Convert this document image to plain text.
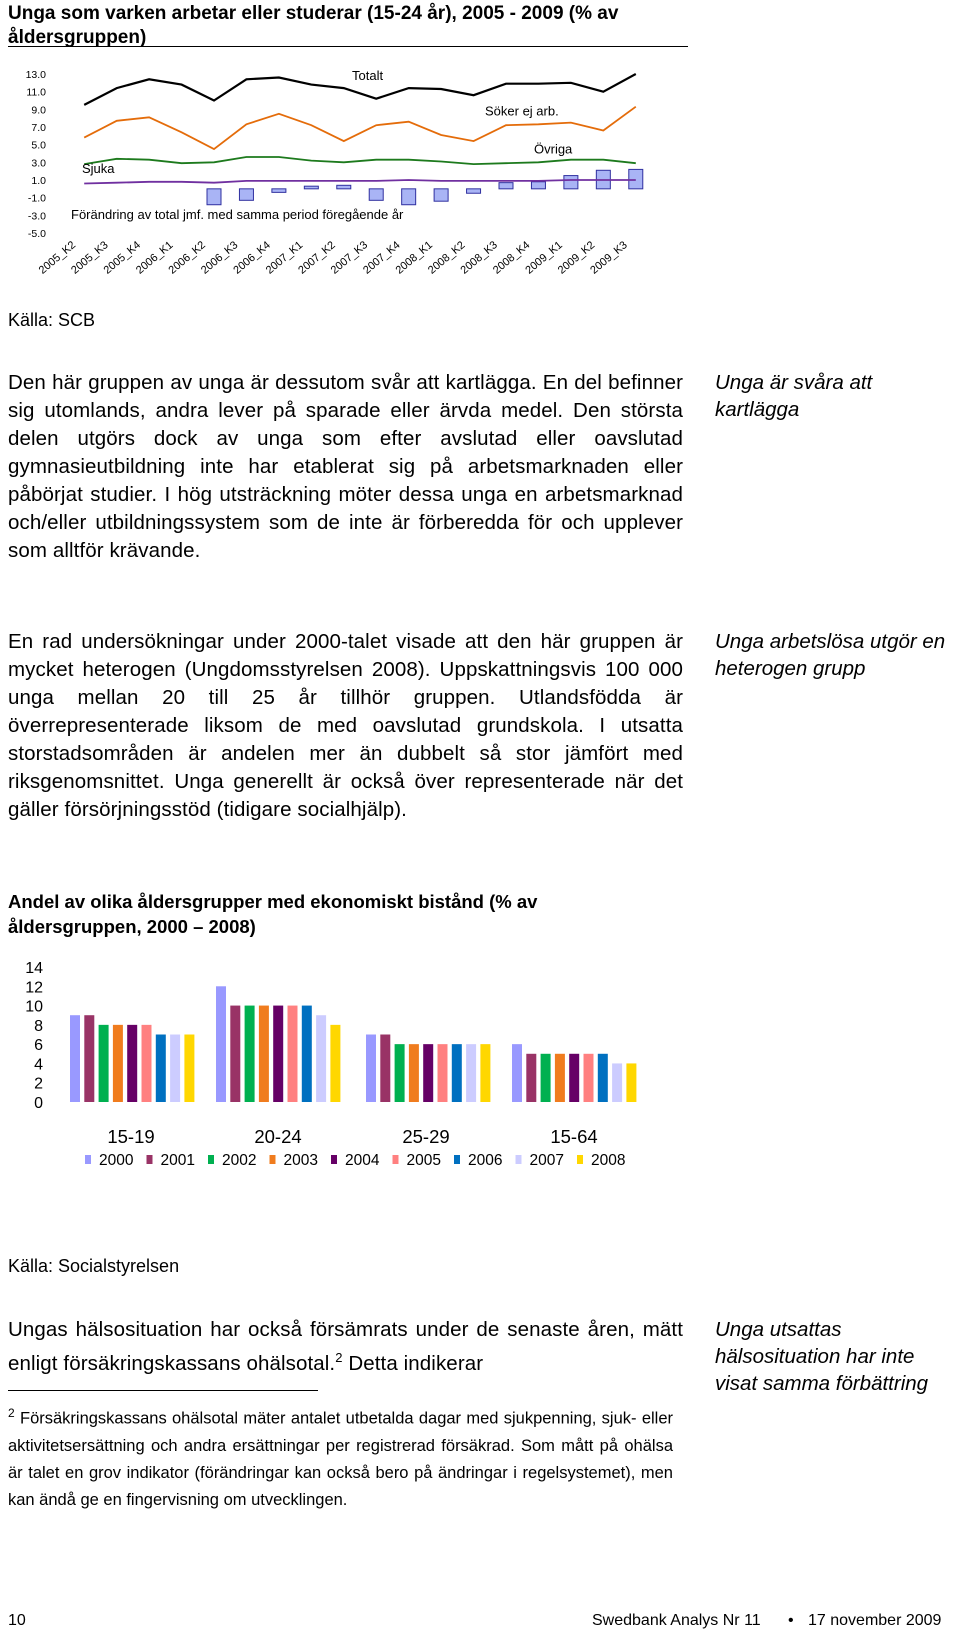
Unga som varken arbetar eller studerar (15-24 år), 2005 - 2009 (% av åldersgruppen)
13.0
11.0
9.0
7.0
5.0
3.0
1.0
-1.0
-3.0
-5.0
2005_K2
2005_K3
2005_K4
2006_K1
2006_K2
2006_K3
2006_K4
2007_K1
2007_K2
2007_K3
2007_K4
2008_K1
2008_K2
2008_K3
2008_K4
2009_K1
2009_K2
2009_K3
Totalt
Söker ej arb.
Övriga
Sjuka
Förändring av total jmf. med samma period föregående år
Källa: SCB
Den här gruppen av unga är dessutom svår att kartlägga. En del befinner sig utomlands, andra lever på sparade eller ärvda medel. Den största delen utgörs dock av unga som efter avslutad eller oavslutad gymnasieutbildning inte har etablerat sig på arbetsmarknaden eller påbörjat studier. I hög utsträckning möter dessa unga en arbetsmarknad och/eller utbildningssystem som de inte är förberedda för och upplever som alltför krävande.
Unga är svåra att kartlägga
En rad undersökningar under 2000-talet visade att den här gruppen är mycket heterogen (Ungdomsstyrelsen 2008). Uppskattningsvis 100 000 unga mellan 20 till 25 år tillhör gruppen. Utlandsfödda är överrepresenterade liksom de med oavslutad grundskola. I utsatta storstadsområden är andelen mer än dubbelt så stor jämfört med riksgenomsnittet. Unga generellt är också över representerade när det gäller försörjningsstöd (tidigare socialhjälp).
Unga arbetslösa utgör en heterogen grupp
Andel av olika åldersgrupper med ekonomiskt bistånd (% av åldersgruppen, 2000 – 2008)
14
12
10
8
6
4
2
0
15-19	20-24	25-29	15-64
2000 2001 2002 2003 2004 2005 2006 2007 2008
Källa: Socialstyrelsen
Ungas hälsosituation har också försämrats under de senaste åren, mätt enligt försäkringskassans ohälsotal.$^2$ Detta indikerar
Unga utsattas hälsosituation har inte visat samma förbättring
$^2$ Försäkringskassans ohälsotal mäter antalet utbetalda dagar med sjukpenning, sjuk- eller aktivitetsersättning och andra ersättningar per registrerad försäkrad. Som mått på ohälsa är talet en grov indikator (förändringar kan också bero på ändringar i regelsystemet), men kan ändå ge en fingervisning om utvecklingen.
10	Swedbank Analys Nr 11 • 17 november 2009
